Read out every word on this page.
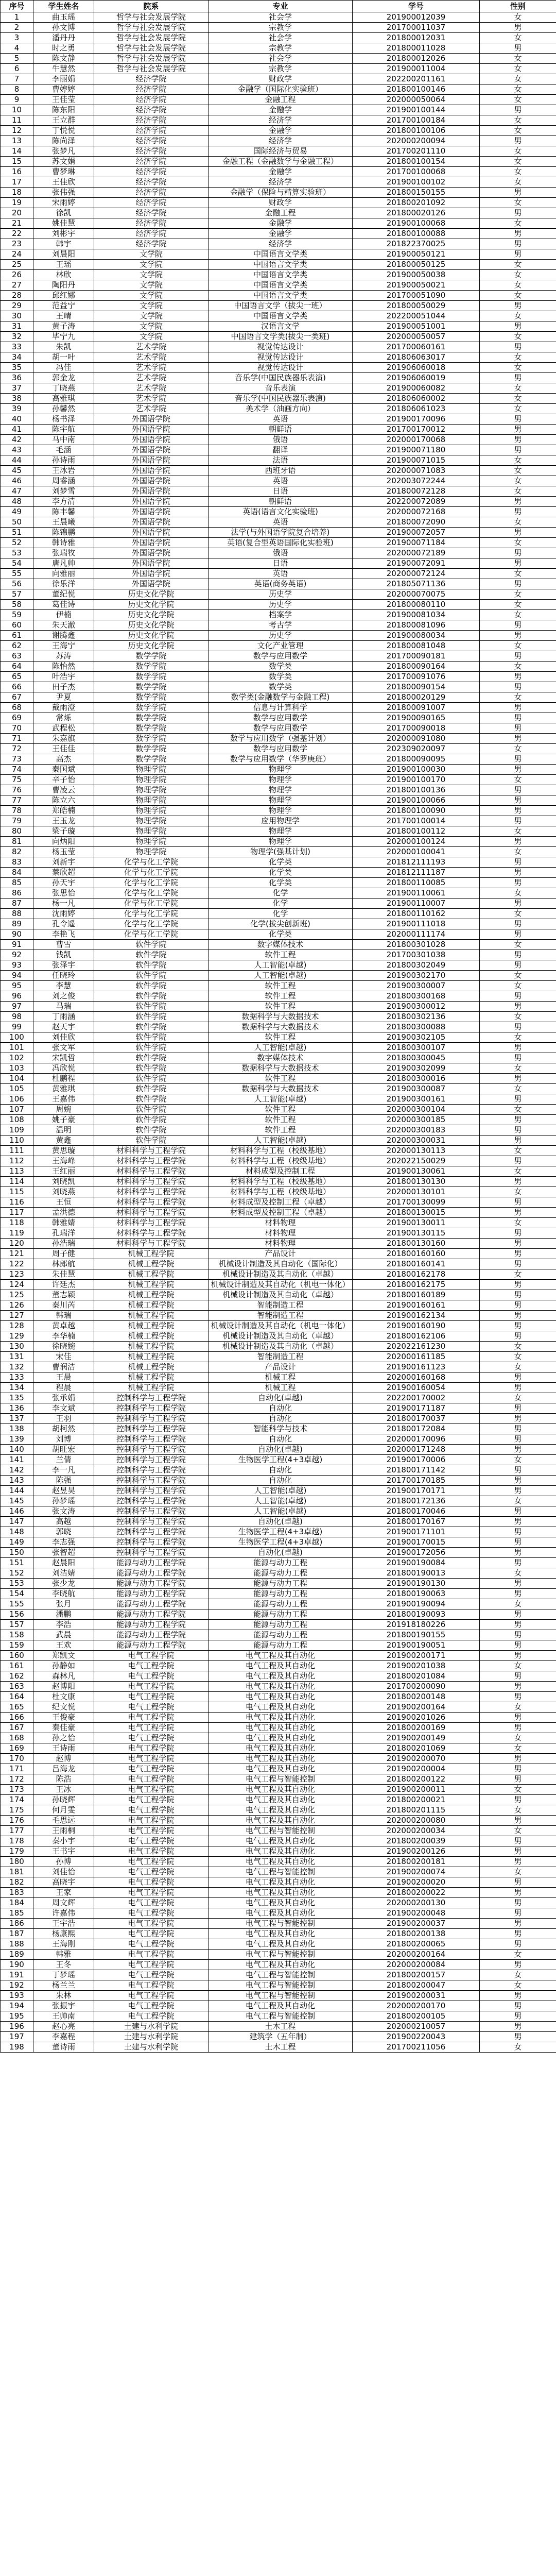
序号	学生姓名	院系	专业	学号	性别
1	曲玉瑶	哲学与社会发展学院	社会学	201900012039	女
2	孙文博	哲学与社会发展学院	宗教学	201700011037	男
3	潘丹丹	哲学与社会发展学院	社会学	201800012031	女
4	时之勇	哲学与社会发展学院	宗教学	201800011028	男
5	陈文静	哲学与社会发展学院	社会学	201800012026	女
6	牛慧然	哲学与社会发展学院	宗教学	201900011004	女
7	李丽娟	经济学院	财政学	202200201161	女
8	曹婷婷	经济学院	金融学（国际化实验班）	201800100146	女
9	王佳莹	经济学院	金融工程	202000050064	女
10	陈东阳	经济学院	金融学	201900100144	男
11	王立群	经济学院	经济学	201700100184	女
12	丁悦悦	经济学院	金融学	201800100106	女
13	陈尚泽	经济学院	经济学	202000200094	男
14	张梦凡	经济学院	国际经济与贸易	201700201110	女
15	苏文娟	经济学院	金融工程（金融数学与金融工程）	201800100154	女
16	曹梦琳	经济学院	金融学	201700100068	女
17	王佳欣	经济学院	经济学	201900100102	女
18	张伟强	经济学院	金融学（保险与精算实验班）	201800150155	男
19	宋雨婷	经济学院	财政学	201800201092	女
20	徐凯	经济学院	金融工程	201800020126	男
21	姚佳慧	经济学院	金融学	201900100068	女
22	刘彬宇	经济学院	金融学	201800100088	男
23	韩宇	经济学院	经济学	201822370025	男
24	刘晨阳	文学院	中国语言文学类	201900050121	男
25	王瑶	文学院	中国语言文学类	201800050125	女
26	林欣	文学院	中国语言文学类	201900050038	女
27	陶阳丹	文学院	中国语言文学类	201900050021	女
28	邱红娜	文学院	中国语言文学类	201700051090	女
29	范益宁	文学院	中国语言文学（拔尖一班）	201800050029	男
30	王晴	文学院	中国语言文学类	202200051044	女
31	黄子涛	文学院	汉语言文学	201900051001	男
32	毕宁九	文学院	中国语言文学类(拔尖一类班)	202000050057	女
33	朱凯	艺术学院	视觉传达设计	201700060161	男
34	胡一叶	艺术学院	视觉传达设计	201806063017	女
35	冯佳	艺术学院	视觉传达设计	201906060018	女
36	郭金龙	艺术学院	音乐学(中国民族器乐表演)	201906060019	男
37	丁晓燕	艺术学院	音乐表演	201900060082	女
38	高雅琪	艺术学院	音乐学(中国民族器乐表演)	201806060002	女
39	孙馨然	艺术学院	美术学（油画方向）	201806061023	女
40	杨书泽	外国语学院	英语	201900170096	男
41	陈宇航	外国语学院	朝鲜语	201700170012	男
42	马中南	外国语学院	俄语	202000170068	男
43	毛涵	外国语学院	翻译	201900071180	男
44	孙诗雨	外国语学院	法语	201900071015	女
45	王冰岩	外国语学院	西班牙语	202000071083	女
46	周睿涵	外国语学院	英语	202003072244	女
47	刘梦雪	外国语学院	日语	201800072128	女
48	李方清	外国语学院	朝鲜语	202200072089	男
49	陈丰馨	外国语学院	英语(语言文化实验班)	202000072168	男
50	王晨曦	外国语学院	英语	201800072090	女
51	陈锦鹏	外国语学院	法学(与外国语学院复合培养)	201900072057	男
52	韩诗雅	外国语学院	英语(复合型英语国际化实验班)	201900071184	女
53	张瑞牧	外国语学院	俄语	202000072189	男
54	唐凡帅	外国语学院	日语	201900072091	男
55	向雅丽	外国语学院	英语	202000072124	女
56	徐乐洋	外国语学院	英语(商务英语)	201805071136	男
57	董纪悦	历史文化学院	历史学	202000070075	女
58	葛佳诗	历史文化学院	历史学	201800080110	女
59	伊楠	历史文化学院	档案学	201900081034	女
60	朱天澈	历史文化学院	考古学	201800081096	男
61	谢腾鑫	历史文化学院	历史学	201900080034	男
62	王海宁	历史文化学院	文化产业管理	201800081048	女
63	苏涛	数学学院	数学与应用数学	201700090181	男
64	陈怡然	数学学院	数学类	201800090164	女
65	叶浩宇	数学学院	数学类	201700091076	男
66	田子杰	数学学院	数学类	201800090154	男
67	尹夏	数学学院	数学类(金融数学与金融工程)	201800020129	女
68	戴雨澄	数学学院	信息与计算科学	201800091007	男
69	常烁	数学学院	数学与应用数学	201900090165	男
70	武程松	数学学院	数学与应用数学	201700090018	男
71	朱嘉旗	数学学院	数学与应用数学（强基计划）	202000091080	男
72	王佳佳	数学学院	数学与应用数学	202309020097	女
73	高杰	数学学院	数学与应用数学（华罗庚班）	201800090095	男
74	秦国斌	物理学院	物理学	201900100030	男
75	辛子怡	物理学院	物理学	201900100170	女
76	曹凌云	物理学院	物理学	201800100136	男
77	陈立六	物理学院	物理学	201900100066	男
78	郑皓楠	物理学院	物理学	201800100090	男
79	王玉龙	物理学院	应用物理学	201700100014	男
80	梁子璇	物理学院	物理学	201800100112	女
81	向炳阳	物理学院	物理学	202000100124	男
82	杨玉莹	物理学院	物理学(强基计划)	202000100041	女
83	刘新宇	化学与化工学院	化学类	201812111193	男
84	蔡欣超	化学与化工学院	化学类	201812111187	男
85	孙天宇	化学与化工学院	化学类	201800110085	男
86	张思怡	化学与化工学院	化学	201900110061	女
87	杨一凡	化学与化工学院	化学	201900110007	男
88	沈雨婷	化学与化工学院	化学	201800110162	女
89	孔令遥	化学与化工学院	化学(拔尖创新班)	201900111018	男
90	李艳飞	化学与化工学院	化学类	202000111174	男
91	曹雪	软件学院	数字媒体技术	201800301028	女
92	钱凯	软件学院	软件工程	201700301038	男
93	张泽宇	软件学院	人工智能(卓越)	201800302049	男
94	任晓玲	软件学院	人工智能(卓越)	201900302170	女
95	李慧	软件学院	软件工程	201900300007	女
96	刘之俊	软件学院	软件工程	201800300168	男
97	马瑞	软件学院	软件工程	201900300012	男
98	丁雨涵	软件学院	数据科学与大数据技术	201800302136	女
99	赵天宇	软件学院	数据科学与大数据技术	201800300088	男
100	刘佳欣	软件学院	软件工程	201900302105	女
101	张文军	软件学院	人工智能(卓越)	201800300107	男
102	宋凯哲	软件学院	数字媒体技术	201800300045	男
103	冯欣悦	软件学院	数据科学与大数据技术	201900302099	女
104	杜鹏程	软件学院	软件工程	201800300016	男
105	黄雅琪	软件学院	数据科学与大数据技术	201900300087	女
106	王嘉伟	软件学院	人工智能(卓越)	201900300161	男
107	周婉	软件学院	软件工程	202000300104	女
108	姚子豪	软件学院	软件工程	202000300185	男
109	温明	软件学院	软件工程	202000300183	男
110	黄鑫	软件学院	人工智能(卓越)	202000300031	男
111	黄思璇	材料科学与工程学院	材料科学与工程（校级基地）	202000130113	女
112	王海峰	材料科学与工程学院	材料科学与工程（校级基地）	202022150029	男
113	王红丽	材料科学与工程学院	材料成型及控制工程	201900130061	女
114	刘晓凯	材料科学与工程学院	材料科学与工程（校级基地）	201800130130	男
115	刘晓燕	材料科学与工程学院	材料科学与工程（校级基地）	202000130101	女
116	王恒	材料科学与工程学院	材料成型及控制工程（卓越）	201700130099	男
117	孟洪德	材料科学与工程学院	材料成型及控制工程（卓越）	201800130015	男
118	韩雅婧	材料科学与工程学院	材料物理	201900130011	女
119	孔瑞洋	材料科学与工程学院	材料物理	201900130115	男
120	孙浩瑞	材料科学与工程学院	材料物理	201800130160	男
121	周子健	机械工程学院	产品设计	201800160160	男
122	林郎航	机械工程学院	机械设计制造及其自动化（国际化）	201800160141	男
123	朱佳慧	机械工程学院	机械设计制造及其自动化（卓越）	201800162178	女
124	许廷杰	机械工程学院	机械设计制造及其自动化（机电一体化）	201800162175	男
125	董志颖	机械工程学院	机械设计制造及其自动化（卓越）	201800160189	男
126	秦川芮	机械工程学院	智能制造工程	201900160161	男
127	韩瑞	机械工程学院	智能制造工程	201900162134	男
128	黄卓越	机械工程学院	机械设计制造及其自动化（机电一体化）	201900160190	男
129	李华楠	机械工程学院	机械设计制造及其自动化（卓越）	201800162106	男
130	徐晓婉	机械工程学院	机械设计制造及其自动化（卓越）	202022161230	女
131	宋佳	机械工程学院	智能制造工程	202000161185	女
132	曹润洁	机械工程学院	产品设计	201900161123	女
133	王晨	机械工程学院	机械工程	202000160168	男
134	程晨	机械工程学院	机械工程	201900160054	男
135	张承娟	控制科学与工程学院	自动化(卓越)	202200170002	女
136	李文斌	控制科学与工程学院	自动化	201900171187	男
137	王羽	控制科学与工程学院	自动化	201800170037	男
138	胡柯然	控制科学与工程学院	智能科学与技术	201800172084	男
139	刘博	控制科学与工程学院	自动化	202000170096	男
140	胡旺宏	控制科学与工程学院	自动化(卓越)	202000171248	男
141	兰倩	控制科学与工程学院	生物医学工程(4+3卓越)	201900170006	女
142	李一凡	控制科学与工程学院	自动化	201800171142	男
143	陈强	控制科学与工程学院	自动化	201700170185	男
144	赵昱昊	控制科学与工程学院	人工智能(卓越)	201900170171	男
145	孙梦瑶	控制科学与工程学院	人工智能(卓越)	201800172136	女
146	张文涛	控制科学与工程学院	人工智能(卓越)	201800170046	男
147	高越	控制科学与工程学院	自动化(卓越)	201800170167	男
148	郭晓	控制科学与工程学院	生物医学工程(4+3卓越)	201900171101	男
149	李志强	控制科学与工程学院	生物医学工程(4+3卓越)	201900170015	男
150	张智超	控制科学与工程学院	自动化(卓越)	201900172056	男
151	赵晨阳	能源与动力工程学院	能源与动力工程	201900190084	男
152	刘洁婧	能源与动力工程学院	能源与动力工程	201800190013	女
153	张少龙	能源与动力工程学院	能源与动力工程	201900190130	男
154	李晓航	能源与动力工程学院	能源与动力工程	201800190063	男
155	张月	能源与动力工程学院	能源与动力工程	201900190094	女
156	潘鹏	能源与动力工程学院	能源与动力工程	201800190093	男
157	李浩	能源与动力工程学院	能源与动力工程	201918180226	男
158	武晨	能源与动力工程学院	能源与动力工程	201800190155	男
159	王欢	能源与动力工程学院	能源与动力工程	201900190051	男
160	郑凯文	电气工程学院	电气工程及其自动化	201900200171	男
161	孙静如	电气工程学院	电气工程及其自动化	201900201038	女
162	森林凡	电气工程学院	电气工程及其自动化	201800201084	男
163	赵博阳	电气工程学院	电气工程及其自动化	201700200090	男
164	杜文康	电气工程学院	电气工程及其自动化	201800200148	男
165	纪文悦	电气工程学院	电气工程及其自动化	201900200164	女
166	王俊豪	电气工程学院	电气工程及其自动化	201900201026	男
167	秦佳豪	电气工程学院	电气工程及其自动化	201800200169	男
168	孙之怡	电气工程学院	电气工程及其自动化	201900200149	女
169	王诗雨	电气工程学院	电气工程及其自动化	201800201069	女
170	赵博	电气工程学院	电气工程及其自动化	201900200070	男
171	吕海龙	电气工程学院	电气工程及其自动化	201900200004	男
172	陈浩	电气工程学院	电气工程与智能控制	201800200122	男
173	王冰	电气工程学院	电气工程及其自动化	201900200011	女
174	孙晓辉	电气工程学院	电气工程及其自动化	201800200021	男
175	何月雯	电气工程学院	电气工程及其自动化	201800201115	女
176	毛思远	电气工程学院	电气工程及其自动化	202000200080	男
177	王雨桐	电气工程学院	电气工程与智能控制	202000200034	女
178	秦小宇	电气工程学院	电气工程及其自动化	201800200039	男
179	王书宇	电气工程学院	电气工程及其自动化	201900200126	男
180	孙博	电气工程学院	电气工程及其自动化	201800200181	男
181	刘佳怡	电气工程学院	电气工程与智能控制	201900200074	女
182	高晓宇	电气工程学院	电气工程及其自动化	201900200020	男
183	王家	电气工程学院	电气工程及其自动化	201800200022	男
184	周文辉	电气工程学院	电气工程及其自动化	202000200130	男
185	许嘉伟	电气工程学院	电气工程及其自动化	201900200048	男
186	王宇浩	电气工程学院	电气工程与智能控制	201900200037	男
187	杨康熙	电气工程学院	电气工程及其自动化	201800200138	男
188	王海刚	电气工程学院	电气工程及其自动化	201800200065	男
189	韩雅	电气工程学院	电气工程与智能控制	202000200164	女
190	王冬	电气工程学院	电气工程及其自动化	202000200084	男
191	丁梦瑶	电气工程学院	电气工程与智能控制	201800200157	女
192	杨兰兰	电气工程学院	电气工程与智能控制	201800200047	女
193	朱林	电气工程学院	电气工程与智能控制	201900200031	男
194	张振宇	电气工程学院	电气工程及其自动化	202000200170	男
195	王帅南	电气工程学院	电气工程与智能控制	201800200105	男
196	赵心亮	土建与水利学院	土木工程	202000210057	男
197	李嘉程	土建与水利学院	建筑学（五年制）	201900220043	男
198	董诗雨	土建与水利学院	土木工程	201700211056	女
